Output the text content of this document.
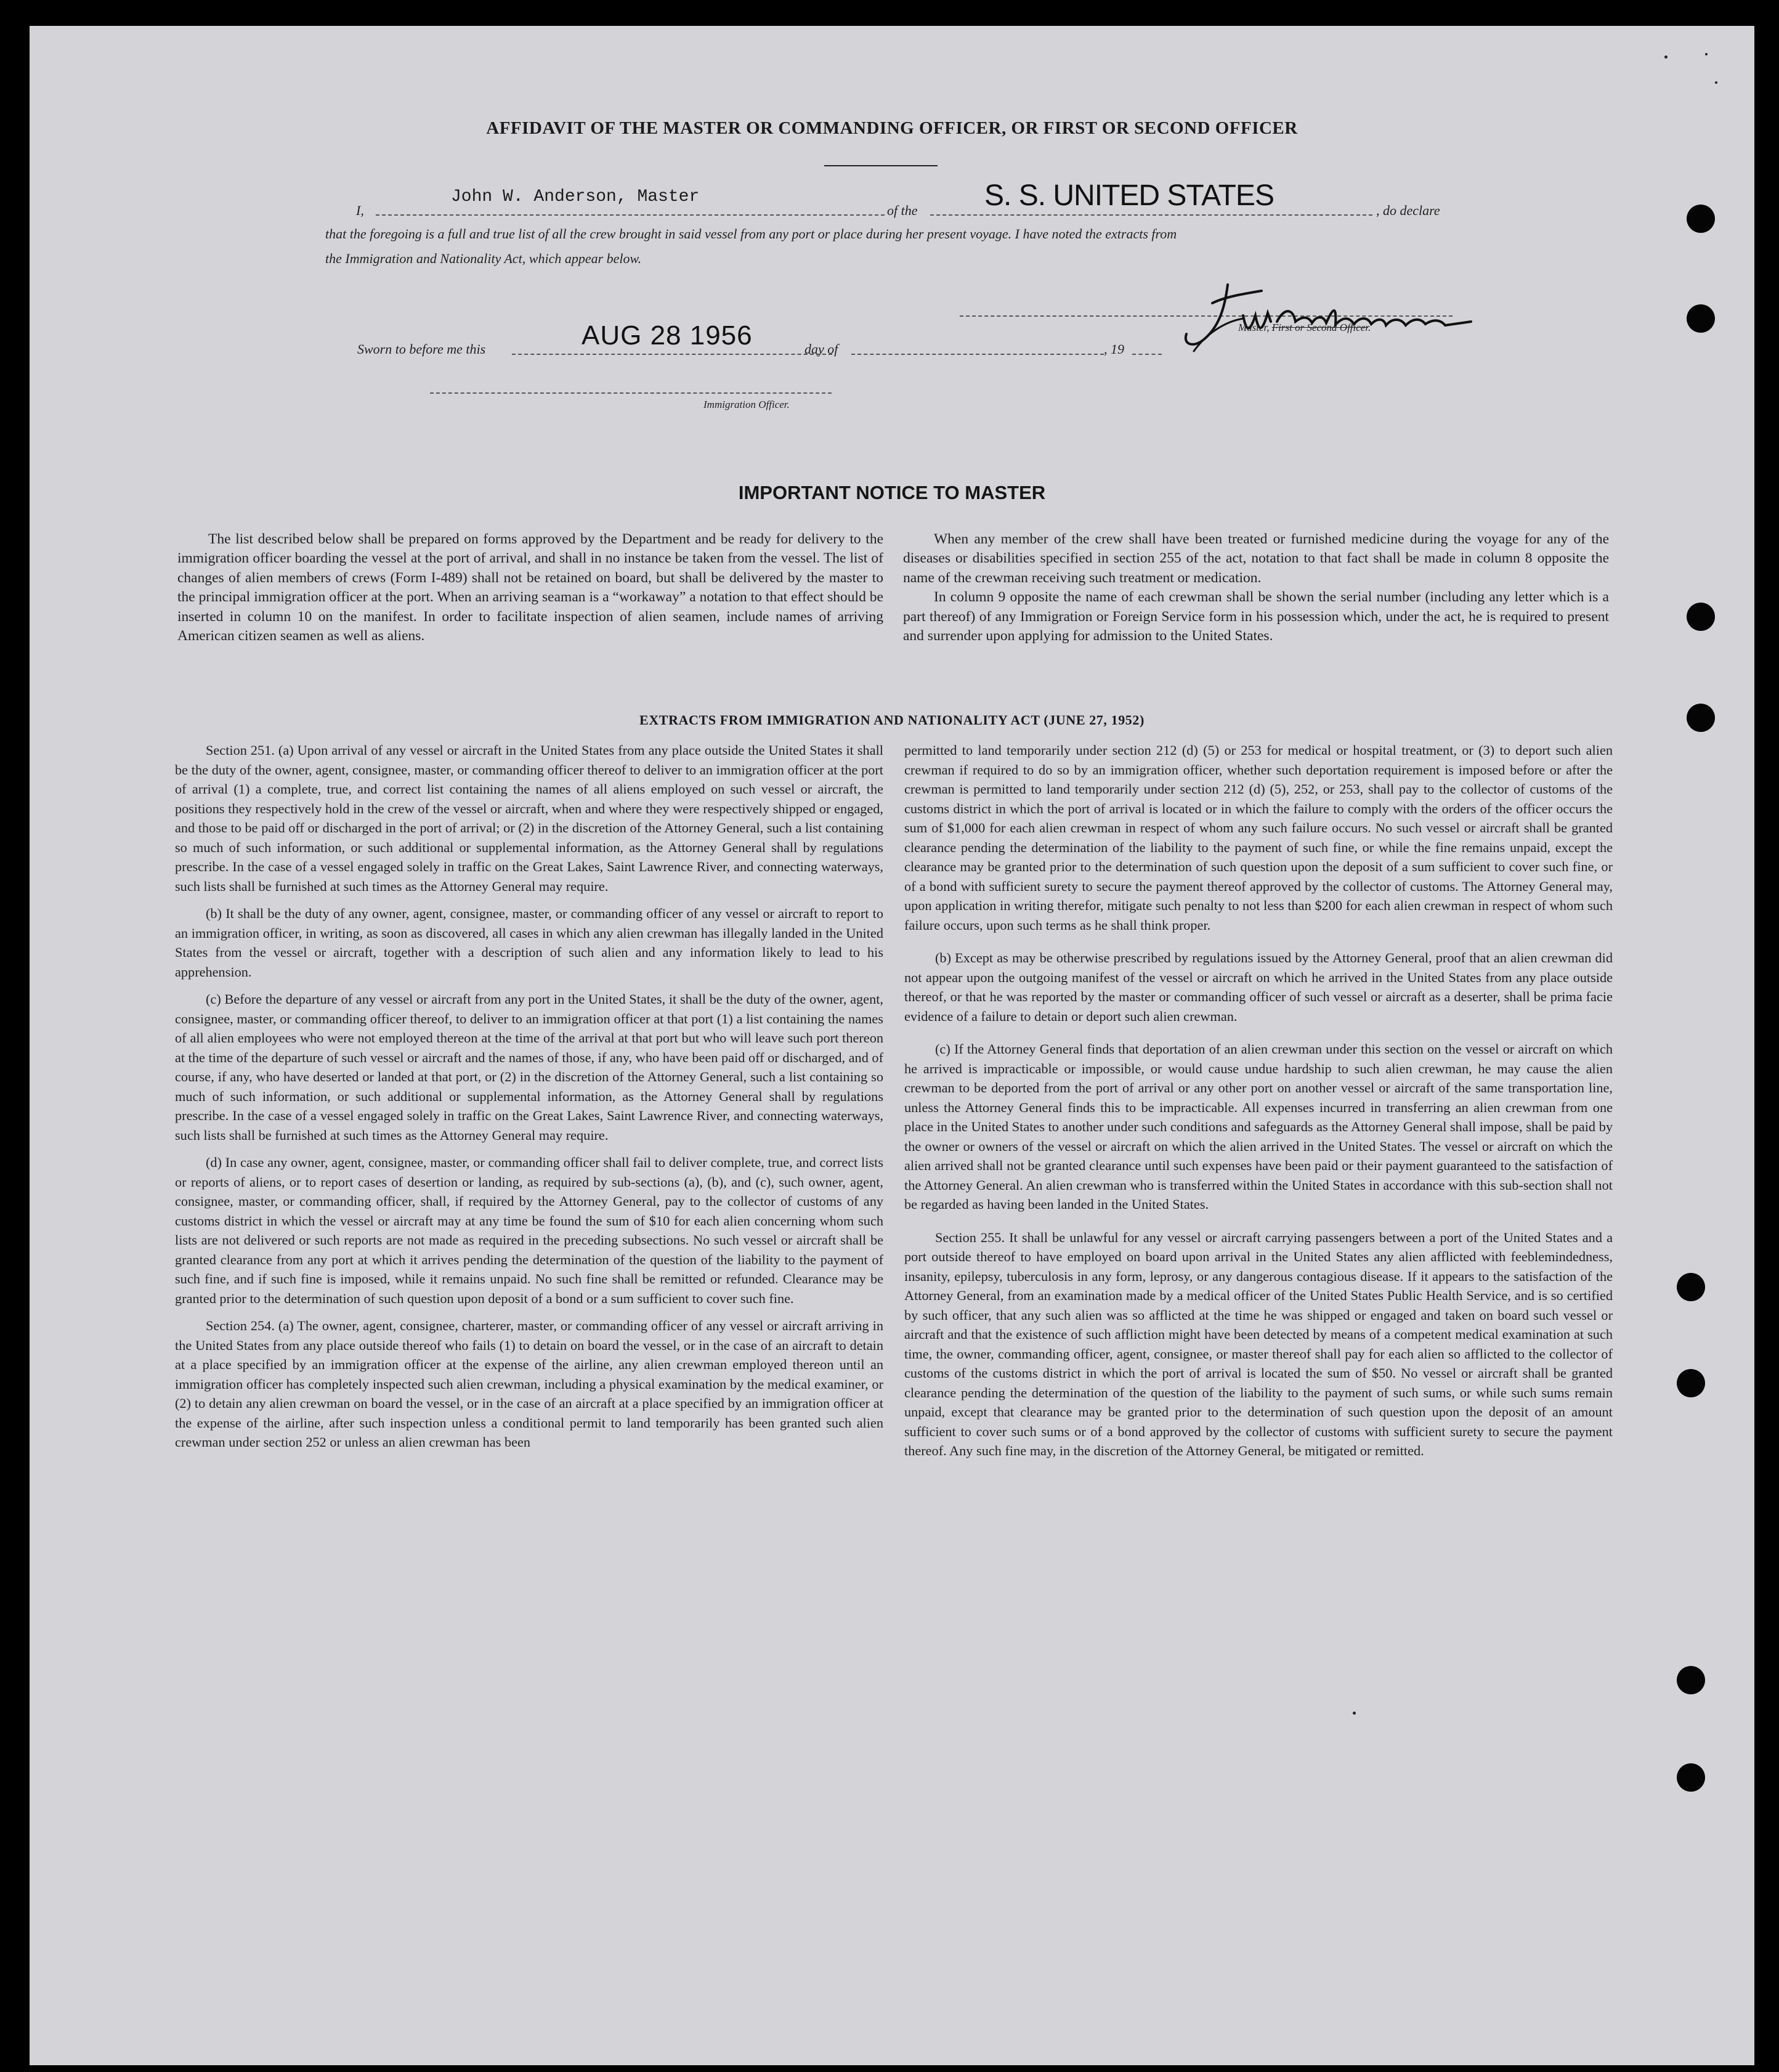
AFFIDAVIT OF THE MASTER OR COMMANDING OFFICER, OR FIRST OR SECOND OFFICER
I,
John W. Anderson, Master
of the S. S. UNITED STATES	, do declare
that the foregoing is a full and true list of all the crew brought in said vessel from any port or place during her present voyage. I have noted the extracts from
the Immigration and Nationality Act, which appear below.
Master, First or Second Officer.
Sworn to before me this	AUG 28 1956	day of	, 19
Immigration Officer.
IMPORTANT NOTICE TO MASTER

The list described below shall be prepared on forms approved by the Department and be ready for delivery to the immigration officer boarding the vessel at the port of arrival, and shall in no instance be taken from the vessel. The list of changes of alien members of crews (Form I-489) shall not be retained on board, but shall be delivered by the master to the principal immigration officer at the port. When an arriving seaman is a “workaway” a notation to that effect should be inserted in column 10 on the manifest. In order to facilitate inspection of alien seamen, include names of arriving American citizen seamen as well as aliens.

When any member of the crew shall have been treated or furnished medicine during the voyage for any of the diseases or disabilities specified in section 255 of the act, notation to that fact shall be made in column 8 opposite the name of the crewman receiving such treatment or medication.

In column 9 opposite the name of each crewman shall be shown the serial number (including any letter which is a part thereof) of any Immigration or Foreign Service form in his possession which, under the act, he is required to present and surrender upon applying for admission to the United States.

EXTRACTS FROM IMMIGRATION AND NATIONALITY ACT (JUNE 27, 1952)

Section 251. (a) Upon arrival of any vessel or aircraft in the United States from any place outside the United States it shall be the duty of the owner, agent, consignee, master, or commanding officer thereof to deliver to an immigration officer at the port of arrival (1) a complete, true, and correct list containing the names of all aliens employed on such vessel or aircraft, the positions they respectively hold in the crew of the vessel or aircraft, when and where they were respectively shipped or engaged, and those to be paid off or discharged in the port of arrival; or (2) in the discretion of the Attorney General, such a list containing so much of such information, or such additional or supplemental information, as the Attorney General shall by regulations prescribe. In the case of a vessel engaged solely in traffic on the Great Lakes, Saint Lawrence River, and connecting waterways, such lists shall be furnished at such times as the Attorney General may require.

(b) It shall be the duty of any owner, agent, consignee, master, or commanding officer of any vessel or aircraft to report to an immigration officer, in writing, as soon as discovered, all cases in which any alien crewman has illegally landed in the United States from the vessel or aircraft, together with a description of such alien and any information likely to lead to his apprehension.

(c) Before the departure of any vessel or aircraft from any port in the United States, it shall be the duty of the owner, agent, consignee, master, or commanding officer thereof, to deliver to an immigration officer at that port (1) a list containing the names of all alien employees who were not employed thereon at the time of the arrival at that port but who will leave such port thereon at the time of the departure of such vessel or aircraft and the names of those, if any, who have been paid off or discharged, and of course, if any, who have deserted or landed at that port, or (2) in the discretion of the Attorney General, such a list containing so much of such information, or such additional or supplemental information, as the Attorney General shall by regulations prescribe. In the case of a vessel engaged solely in traffic on the Great Lakes, Saint Lawrence River, and connecting waterways, such lists shall be furnished at such times as the Attorney General may require.

(d) In case any owner, agent, consignee, master, or commanding officer shall fail to deliver complete, true, and correct lists or reports of aliens, or to report cases of desertion or landing, as required by sub-sections (a), (b), and (c), such owner, agent, consignee, master, or commanding officer, shall, if required by the Attorney General, pay to the collector of customs of any customs district in which the vessel or aircraft may at any time be found the sum of $10 for each alien concerning whom such lists are not delivered or such reports are not made as required in the preceding subsections. No such vessel or aircraft shall be granted clearance from any port at which it arrives pending the determination of the question of the liability to the payment of such fine, and if such fine is imposed, while it remains unpaid. No such fine shall be remitted or refunded. Clearance may be granted prior to the determination of such question upon deposit of a bond or a sum sufficient to cover such fine.

Section 254. (a) The owner, agent, consignee, charterer, master, or commanding officer of any vessel or aircraft arriving in the United States from any place outside thereof who fails (1) to detain on board the vessel, or in the case of an aircraft to detain at a place specified by an immigration officer at the expense of the airline, any alien crewman employed thereon until an immigration officer has completely inspected such alien crewman, including a physical examination by the medical examiner, or (2) to detain any alien crewman on board the vessel, or in the case of an aircraft at a place specified by an immigration officer at the expense of the airline, after such inspection unless a conditional permit to land temporarily has been granted such alien crewman under section 252 or unless an alien crewman has been

permitted to land temporarily under section 212 (d) (5) or 253 for medical or hospital treatment, or (3) to deport such alien crewman if required to do so by an immigration officer, whether such deportation requirement is imposed before or after the crewman is permitted to land temporarily under section 212 (d) (5), 252, or 253, shall pay to the collector of customs of the customs district in which the port of arrival is located or in which the failure to comply with the orders of the officer occurs the sum of $1,000 for each alien crewman in respect of whom any such failure occurs. No such vessel or aircraft shall be granted clearance pending the determination of the liability to the payment of such fine, or while the fine remains unpaid, except the clearance may be granted prior to the determination of such question upon the deposit of a sum sufficient to cover such fine, or of a bond with sufficient surety to secure the payment thereof approved by the collector of customs. The Attorney General may, upon application in writing therefor, mitigate such penalty to not less than $200 for each alien crewman in respect of whom such failure occurs, upon such terms as he shall think proper.

(b) Except as may be otherwise prescribed by regulations issued by the Attorney General, proof that an alien crewman did not appear upon the outgoing manifest of the vessel or aircraft on which he arrived in the United States from any place outside thereof, or that he was reported by the master or commanding officer of such vessel or aircraft as a deserter, shall be prima facie evidence of a failure to detain or deport such alien crewman.

(c) If the Attorney General finds that deportation of an alien crewman under this section on the vessel or aircraft on which he arrived is impracticable or impossible, or would cause undue hardship to such alien crewman, he may cause the alien crewman to be deported from the port of arrival or any other port on another vessel or aircraft of the same transportation line, unless the Attorney General finds this to be impracticable. All expenses incurred in transferring an alien crewman from one place in the United States to another under such conditions and safeguards as the Attorney General shall impose, shall be paid by the owner or owners of the vessel or aircraft on which the alien arrived in the United States. The vessel or aircraft on which the alien arrived shall not be granted clearance until such expenses have been paid or their payment guaranteed to the satisfaction of the Attorney General. An alien crewman who is transferred within the United States in accordance with this sub-section shall not be regarded as having been landed in the United States.

Section 255. It shall be unlawful for any vessel or aircraft carrying passengers between a port of the United States and a port outside thereof to have employed on board upon arrival in the United States any alien afflicted with feeblemindedness, insanity, epilepsy, tuberculosis in any form, leprosy, or any dangerous contagious disease. If it appears to the satisfaction of the Attorney General, from an examination made by a medical officer of the United States Public Health Service, and is so certified by such officer, that any such alien was so afflicted at the time he was shipped or engaged and taken on board such vessel or aircraft and that the existence of such affliction might have been detected by means of a competent medical examination at such time, the owner, commanding officer, agent, consignee, or master thereof shall pay for each alien so afflicted to the collector of customs of the customs district in which the port of arrival is located the sum of $50. No vessel or aircraft shall be granted clearance pending the determination of the question of the liability to the payment of such sums, or while such sums remain unpaid, except that clearance may be granted prior to the determination of such question upon the deposit of an amount sufficient to cover such sums or of a bond approved by the collector of customs with sufficient surety to secure the payment thereof. Any such fine may, in the discretion of the Attorney General, be mitigated or remitted.
